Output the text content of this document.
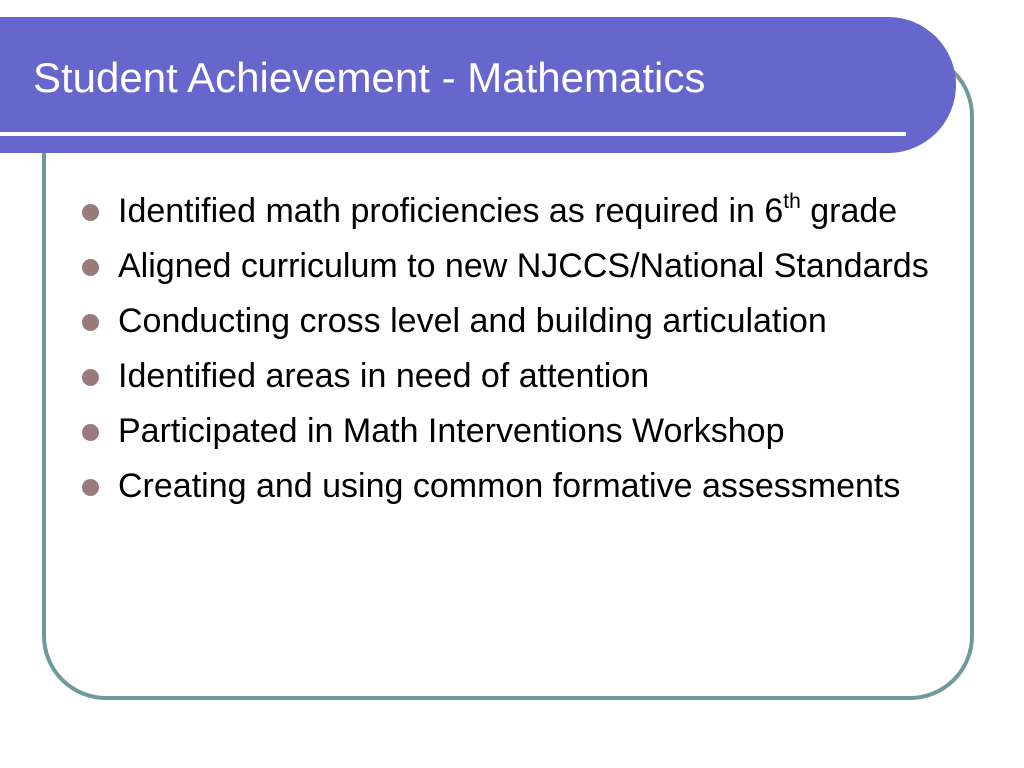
Student Achievement - Mathematics
Identified math proficiencies as required in 6th grade
Aligned curriculum to new NJCCS/National Standards
Conducting cross level and building articulation
Identified areas in need of attention
Participated in Math Interventions Workshop
Creating and using common formative assessments
